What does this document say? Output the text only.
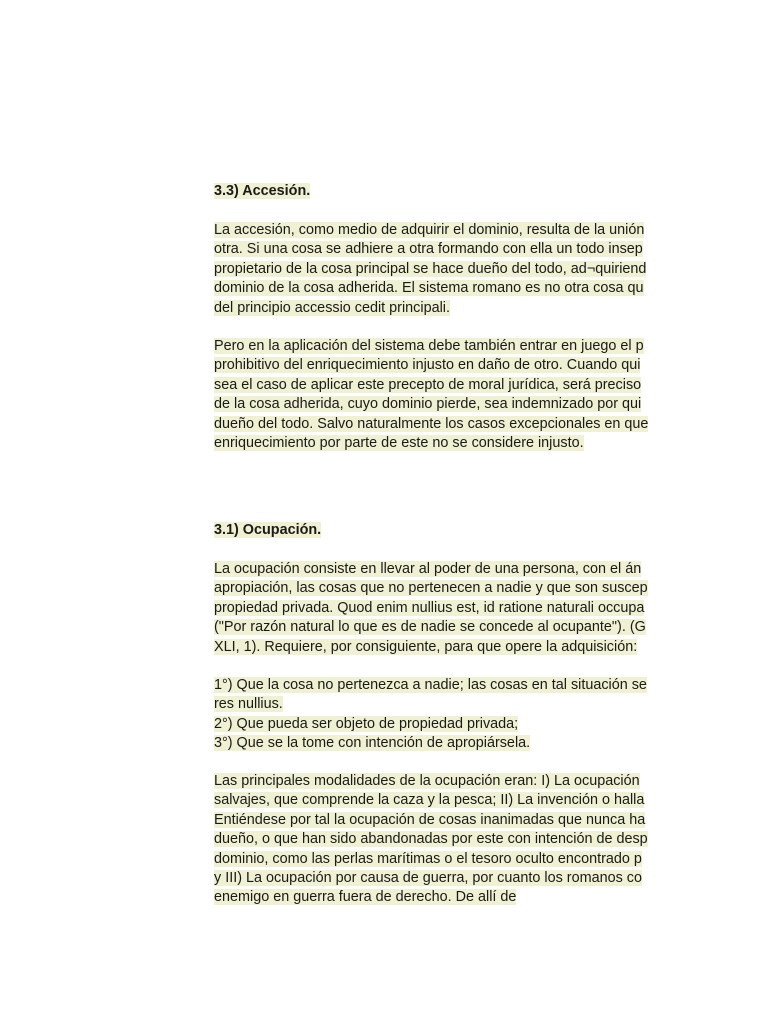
3.3) Accesión.
La accesión, como medio de adquirir el dominio, resulta de la unión
otra. Si una cosa se adhiere a otra formando con ella un todo insep
propietario de la cosa principal se hace dueño del todo, ad¬quiriend
dominio de la cosa adherida. El sistema romano es no otra cosa qu
del principio accessio cedit principali.
Pero en la aplicación del sistema debe también entrar en juego el p
prohibitivo del enriquecimiento injusto en daño de otro. Cuando qui
sea el caso de aplicar este precepto de moral jurídica, será preciso
de la cosa adherida, cuyo dominio pierde, sea indemnizado por qui
dueño del todo. Salvo naturalmente los casos excepcionales en que
enriquecimiento por parte de este no se considere injusto.
3.1) Ocupación.
La ocupación consiste en llevar al poder de una persona, con el án
apropiación, las cosas que no pertenecen a nadie y que son suscep
propiedad privada. Quod enim nullius est, id ratione naturali occupa
("Por razón natural lo que es de nadie se concede al ocupante"). (G
XLI, 1). Requiere, por consiguiente, para que opere la adquisición:
1°) Que la cosa no pertenezca a nadie; las cosas en tal situación se
res nullius.
2°) Que pueda ser objeto de propiedad privada;
3°) Que se la tome con intención de apropiársela.
Las principales modalidades de la ocupación eran: I) La ocupación
salvajes, que comprende la caza y la pesca; II) La invención o halla
Entiéndese por tal la ocupación de cosas inanimadas que nunca ha
dueño, o que han sido abandonadas por este con intención de desp
dominio, como las perlas marítimas o el tesoro oculto encontrado p
y III) La ocupación por causa de guerra, por cuanto los romanos co
enemigo en guerra fuera de derecho. De allí de
